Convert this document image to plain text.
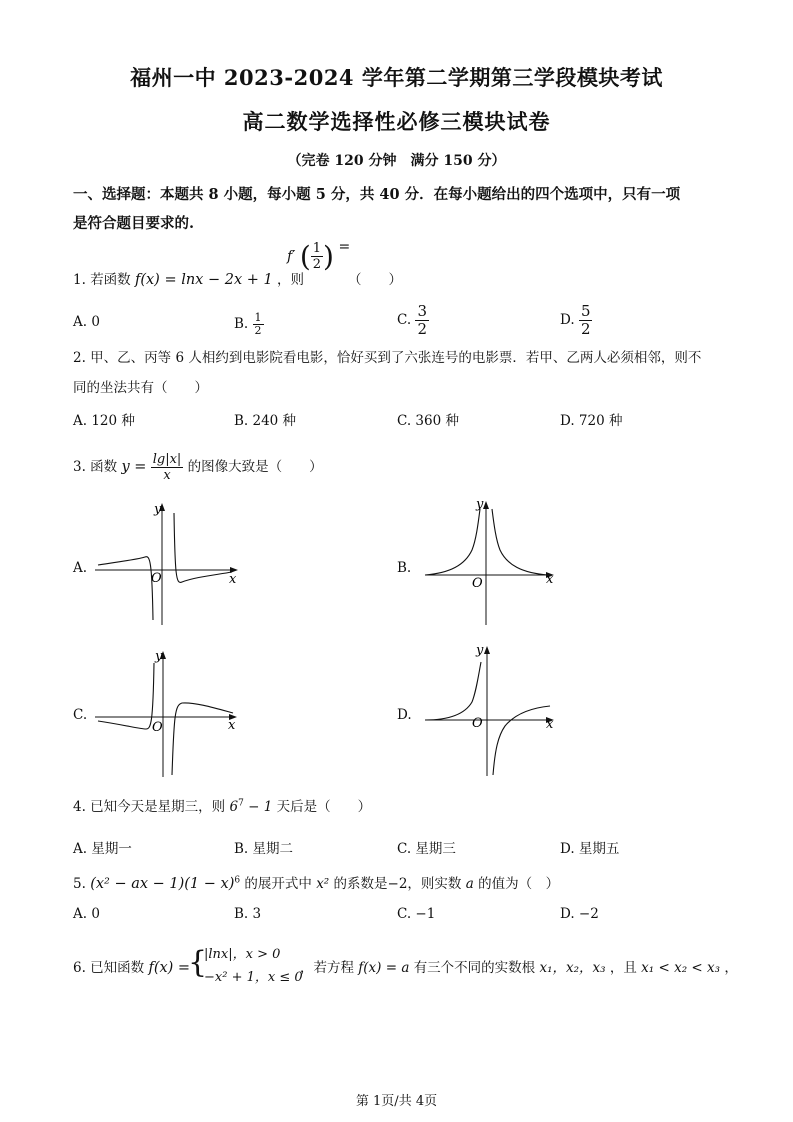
福州一中 2023-2024 学年第二学期第三学段模块考试
高二数学选择性必修三模块试卷
（完卷 120 分钟　满分 150 分）
一、选择题：本题共 8 小题，每小题 5 分，共 40 分．在每小题给出的四个选项中，只有一项
是符合题目要求的.
1. 若函数 f(x) = lnx − 2x + 1 ，则
f′ ( $\frac{1}{2}$ ) =
（　　）
A. 0	B. $\frac{1}{2}$	C. $\frac{3}{2}$	D. $\frac{5}{2}$
2. 甲、乙、丙等 6 人相约到电影院看电影，恰好买到了六张连号的电影票．若甲、乙两人必须相邻，则不
同的坐法共有（　　）
A. 120 种	B. 240 种	C. 360 种	D. 720 种
3. 函数 $y = \frac{\lg|x|}{x}$ 的图像大致是（　　）
A.	B.
C.	D.
y
x
O
y
x
O
y
x
O
y
x
O
4. 已知今天是星期三，则 $6^7 - 1$ 天后是（　　）
A. 星期一	B. 星期二	C. 星期三	D. 星期五
5. (x² − ax − $1)(1 - x)^6$ 的展开式中 x² 的系数是−2，则实数 a 的值为（　）
A. 0	B. 3	C. −1	D. −2
6. 已知函数 f(x) =
{
|lnx|，x > 0
−x² + 1，x ≤ 0
，若方程 f(x) = a 有三个不同的实数根 x₁，x₂，x₃ ，且 x₁ < x₂ < x₃ ，
第 1页/共 4页
